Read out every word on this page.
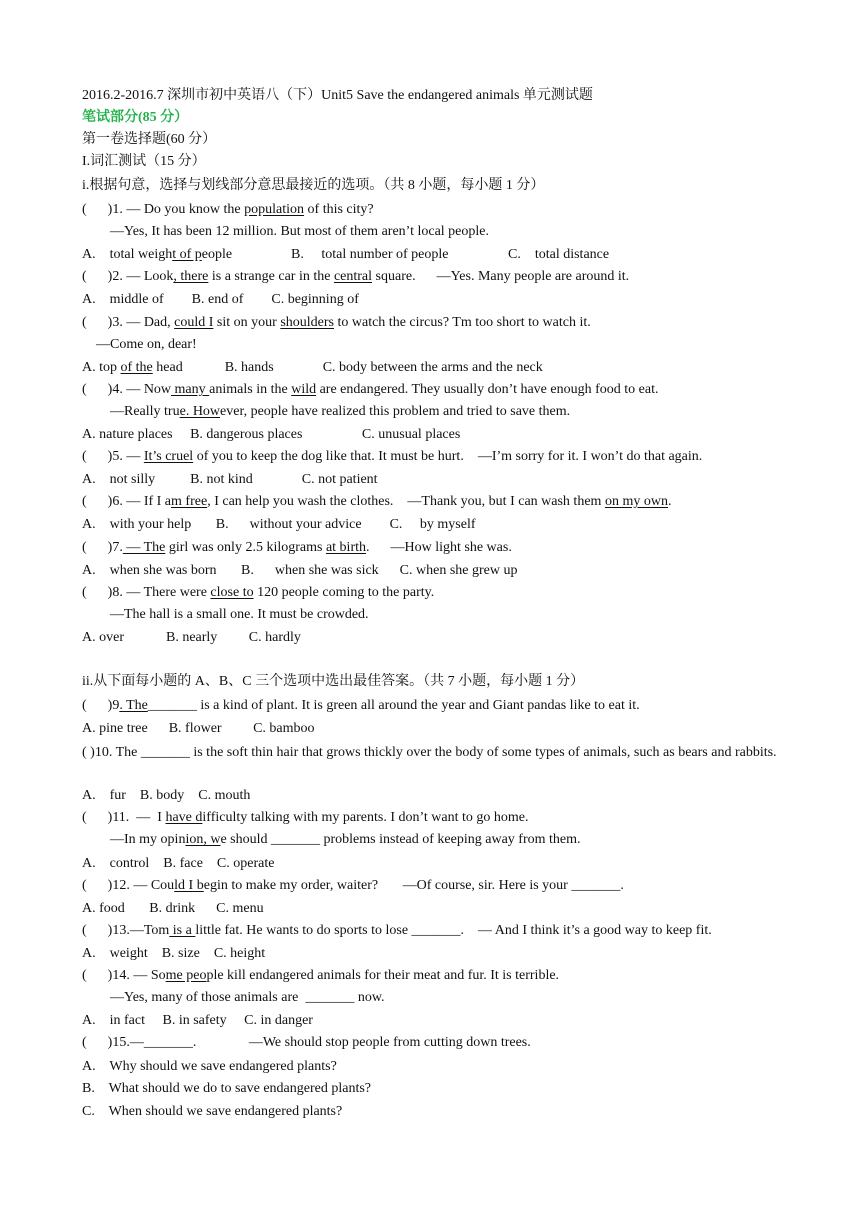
2016.2-2016.7 深圳市初中英语八（下）Unit5 Save the endangered animals 单元测试题
笔试部分(85 分）
第一卷选择题(60 分）
I.词汇测试（15 分）
i.根据句意，选择与划线部分意思最接近的选项。（共 8 小题，每小题 1 分）
(      )1. — Do you know the population of this city?
—Yes, It has been 12 million. But most of them aren’t local people.
A.    total weight of people	B.     total number of people	C.    total distance
(      )2. — Look, there is a strange car in the central square.      —Yes. Many people are around it.
A.    middle of        B. end of        C. beginning of
(      )3. — Dad, could I sit on your shoulders to watch the circus? Tm too short to watch it.
—Come on, dear!
A. top of the head            B. hands              C. body between the arms and the neck
(      )4. — Now many animals in the wild are endangered. They usually don’t have enough food to eat.
—Really true. However, people have realized this problem and tried to save them.
A. nature places     B. dangerous places                 C. unusual places
(      )5. — It’s cruel of you to keep the dog like that. It must be hurt.    —I’m sorry for it. I won’t do that again.
A.    not silly          B. not kind              C. not patient
(      )6. — If I am free, I can help you wash the clothes.    —Thank you, but I can wash them on my own.
A.    with your help       B.      without your advice        C.     by myself
(      )7. — The girl was only 2.5 kilograms at birth.      —How light she was.
A.    when she was born       B.      when she was sick      C. when she grew up
(      )8. — There were close to 120 people coming to the party.
—The hall is a small one. It must be crowded.
A. over            B. nearly         C. hardly
ii.从下面每小题的 A、B、C 三个选项中选出最佳答案。（共 7 小题，每小题 1 分）
(      )9. The_______ is a kind of plant. It is green all around the year and Giant pandas like to eat it.
A. pine tree      B. flower         C. bamboo
( )10. The _______ is the soft thin hair that grows thickly over the body of some types of animals, such as bears and rabbits.
A.    fur    B. body    C. mouth
(      )11.  —  I have difficulty talking with my parents. I don’t want to go home.
—In my opinion, we should _______ problems instead of keeping away from them.
A.    control    B. face    C. operate
(      )12. — Could I begin to make my order, waiter?       —Of course, sir. Here is your _______.
A. food       B. drink      C. menu
(      )13.—Tom is a little fat. He wants to do sports to lose _______.    — And I think it’s a good way to keep fit.
A.    weight    B. size    C. height
(      )14. — Some people kill endangered animals for their meat and fur. It is terrible.
—Yes, many of those animals are  _______ now.
A.    in fact     B. in safety     C. in danger
(      )15.—_______.               —We should stop people from cutting down trees.
A.    Why should we save endangered plants?
B.    What should we do to save endangered plants?
C.    When should we save endangered plants?
